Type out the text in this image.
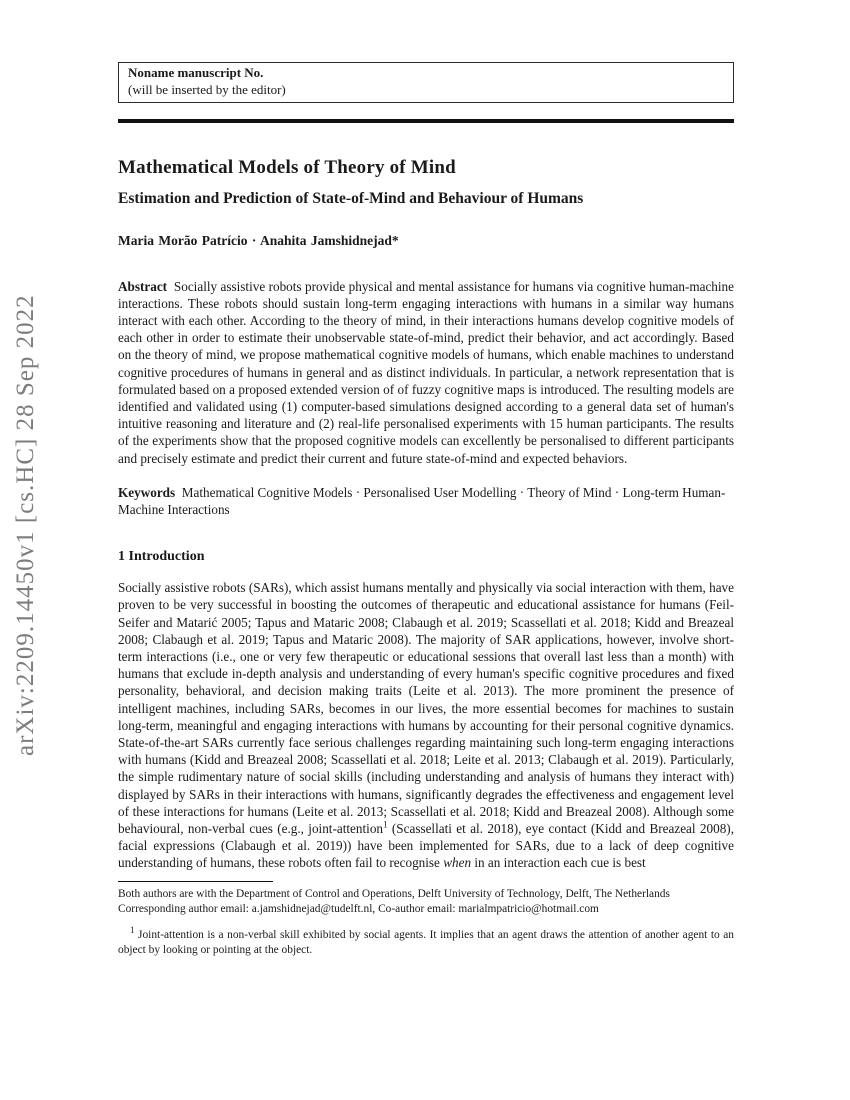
arXiv:2209.14450v1 [cs.HC] 28 Sep 2022
Noname manuscript No.
(will be inserted by the editor)
Mathematical Models of Theory of Mind
Estimation and Prediction of State-of-Mind and Behaviour of Humans
Maria Morão Patrício · Anahita Jamshidnejad*

Abstract Socially assistive robots provide physical and mental assistance for humans via cognitive human-machine interactions. These robots should sustain long-term engaging interactions with humans in a similar way humans interact with each other. According to the theory of mind, in their interactions humans develop cognitive models of each other in order to estimate their unobservable state-of-mind, predict their behavior, and act accordingly. Based on the theory of mind, we propose mathematical cognitive models of humans, which enable machines to understand cognitive procedures of humans in general and as distinct individuals. In particular, a network representation that is formulated based on a proposed extended version of of fuzzy cognitive maps is introduced. The resulting models are identified and validated using (1) computer-based simulations designed according to a general data set of human's intuitive reasoning and literature and (2) real-life personalised experiments with 15 human participants. The results of the experiments show that the proposed cognitive models can excellently be personalised to different participants and precisely estimate and predict their current and future state-of-mind and expected behaviors.

Keywords Mathematical Cognitive Models · Personalised User Modelling · Theory of Mind · Long-term Human-Machine Interactions

1 Introduction

Socially assistive robots (SARs), which assist humans mentally and physically via social interaction with them, have proven to be very successful in boosting the outcomes of therapeutic and educational assistance for humans (Feil-Seifer and Matarić 2005; Tapus and Mataric 2008; Clabaugh et al. 2019; Scassellati et al. 2018; Kidd and Breazeal 2008; Clabaugh et al. 2019; Tapus and Mataric 2008). The majority of SAR applications, however, involve short-term interactions (i.e., one or very few therapeutic or educational sessions that overall last less than a month) with humans that exclude in-depth analysis and understanding of every human's specific cognitive procedures and fixed personality, behavioral, and decision making traits (Leite et al. 2013). The more prominent the presence of intelligent machines, including SARs, becomes in our lives, the more essential becomes for machines to sustain long-term, meaningful and engaging interactions with humans by accounting for their personal cognitive dynamics. State-of-the-art SARs currently face serious challenges regarding maintaining such long-term engaging interactions with humans (Kidd and Breazeal 2008; Scassellati et al. 2018; Leite et al. 2013; Clabaugh et al. 2019). Particularly, the simple rudimentary nature of social skills (including understanding and analysis of humans they interact with) displayed by SARs in their interactions with humans, significantly degrades the effectiveness and engagement level of these interactions for humans (Leite et al. 2013; Scassellati et al. 2018; Kidd and Breazeal 2008). Although some behavioural, non-verbal cues (e.g., joint-attention$^1$ (Scassellati et al. 2018), eye contact (Kidd and Breazeal 2008), facial expressions (Clabaugh et al. 2019)) have been implemented for SARs, due to a lack of deep cognitive understanding of humans, these robots often fail to recognise when in an interaction each cue is best

Both authors are with the Department of Control and Operations, Delft University of Technology, Delft, The Netherlands
Corresponding author email: a.jamshidnejad@tudelft.nl, Co-author email: marialmpatricio@hotmail.com

$^1$ Joint-attention is a non-verbal skill exhibited by social agents. It implies that an agent draws the attention of another agent to an object by looking or pointing at the object.
